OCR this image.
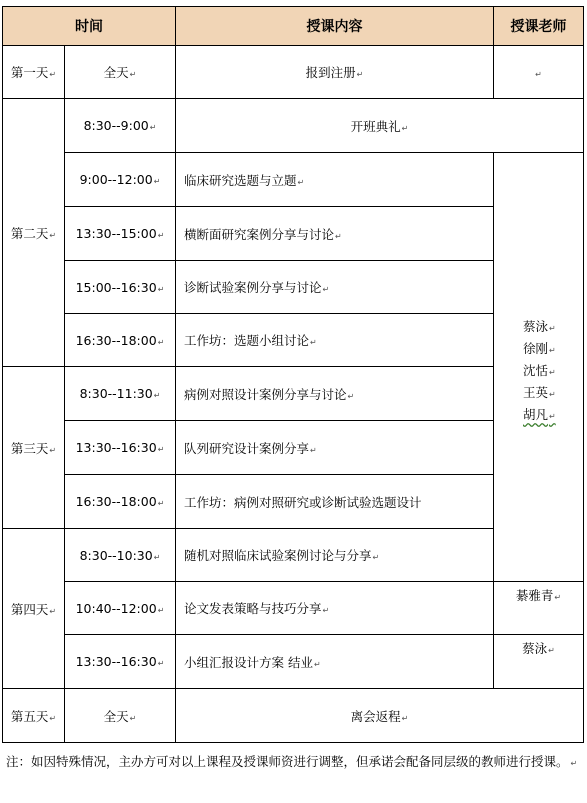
时间		授课内容	授课老师
第一天 ↵	全天 ↵	报到注册 ↵	↵
第二天 ↵	8:30--9:00 ↵	开班典礼 ↵
	9:00--12:00 ↵	临床研究选题与立题 ↵	蔡泳 ↵
徐刚 ↵
沈恬 ↵
王英 ↵
胡凡 ↵

	13:30--15:00 ↵	横断面研究案例分享与讨论 ↵
	15:00--16:30 ↵	诊断试验案例分享与讨论 ↵
	16:30--18:00 ↵	工作坊：选题小组讨论 ↵
第三天 ↵	8:30--11:30 ↵	病例对照设计案例分享与讨论 ↵
	13:30--16:30 ↵	队列研究设计案例分享 ↵
	16:30--18:00 ↵	工作坊：病例对照研究或诊断试验选题设计	
第四天 ↵	8:30--10:30 ↵	随机对照临床试验案例讨论与分享 ↵
	10:40--12:00 ↵	论文发表策略与技巧分享 ↵	綦雅青 ↵
	13:30--16:30 ↵	小组汇报设计方案 结业 ↵	蔡泳 ↵
第五天 ↵	全天 ↵	离会返程 ↵
注：如因特殊情况，主办方可对以上课程及授课师资进行调整，但承诺会配备同层级的教师进行授课。 ↵
